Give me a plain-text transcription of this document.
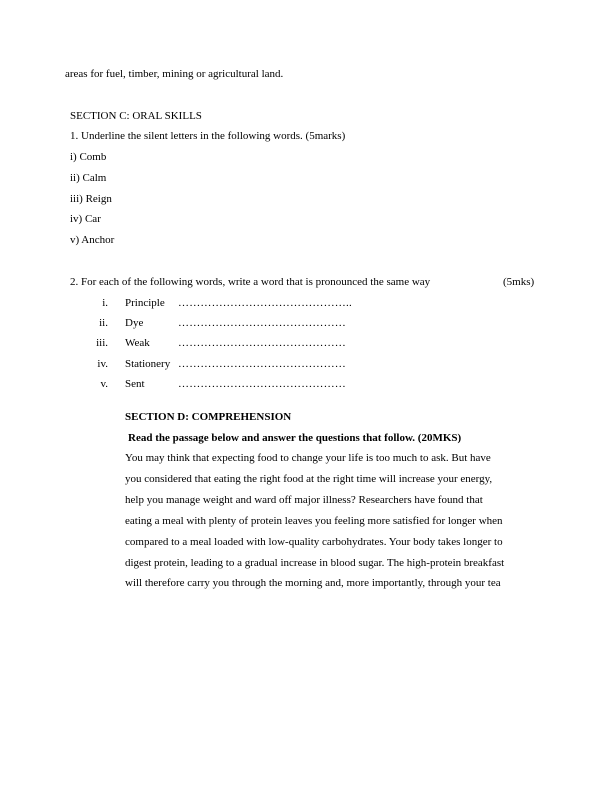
areas for fuel, timber, mining or agricultural land.
SECTION C: ORAL SKILLS
1. Underline the silent letters in the following words. (5marks)
i) Comb
ii) Calm
iii) Reign
iv) Car
v) Anchor
2. For each of the following words, write a word that is pronounced the same way	(5mks)
i. Principle ………………………………………..
ii. Dye	………………………………………
iii. Weak	………………………………………
iv. Stationery ………………………………………
v. Sent	………………………………………
SECTION D: COMPREHENSION
Read the passage below and answer the questions that follow. (20MKS)
You may think that expecting food to change your life is too much to ask. But have
you considered that eating the right food at the right time will increase your energy,
help you manage weight and ward off major illness? Researchers have found that
eating a meal with plenty of protein leaves you feeling more satisfied for longer when
compared to a meal loaded with low-quality carbohydrates. Your body takes longer to
digest protein, leading to a gradual increase in blood sugar. The high-protein breakfast
will therefore carry you through the morning and, more importantly, through your tea
